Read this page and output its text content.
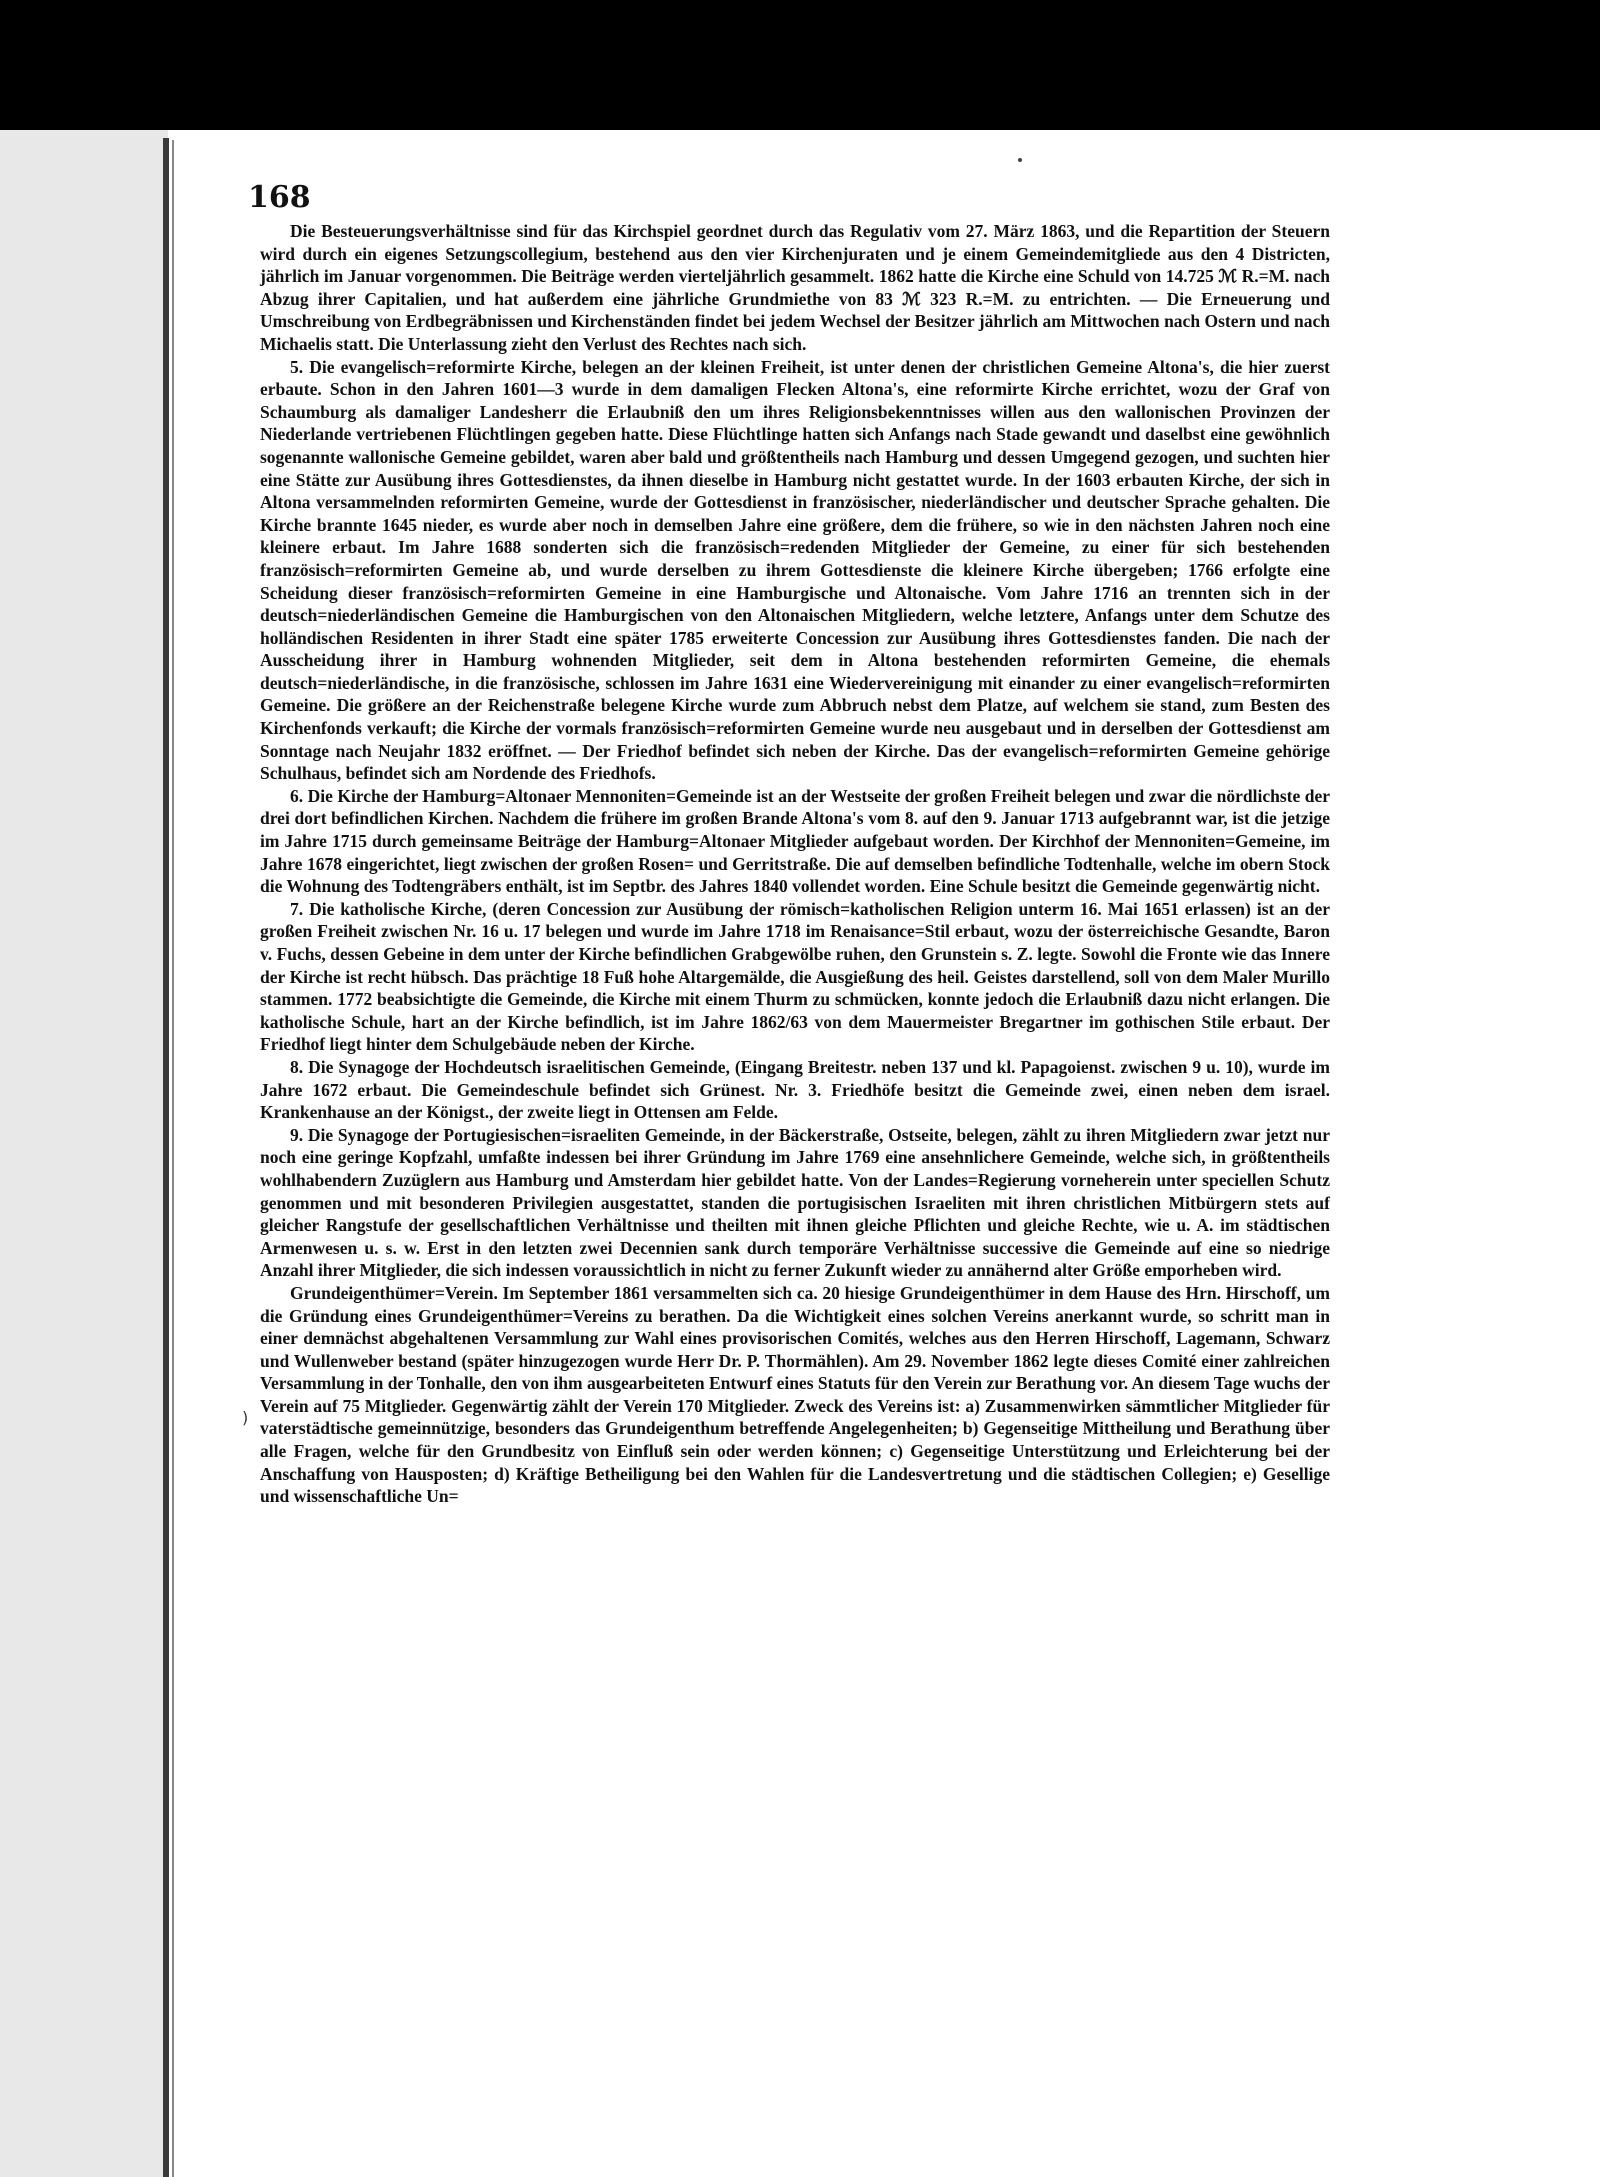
168
)

Die Besteuerungsverhältnisse sind für das Kirchspiel geordnet durch das Regulativ vom 27. März 1863, und die Repartition der Steuern wird durch ein eigenes Setzungscollegium, bestehend aus den vier Kirchenjuraten und je einem Gemeindemitgliede aus den 4 Districten, jährlich im Januar vorgenommen. Die Beiträge werden vierteljährlich gesammelt. 1862 hatte die Kirche eine Schuld von 14.725 ℳ R.=M. nach Abzug ihrer Capitalien, und hat außerdem eine jährliche Grundmiethe von 83 ℳ 323 R.=M. zu entrichten. — Die Erneuerung und Umschreibung von Erdbegräbnissen und Kirchenständen findet bei jedem Wechsel der Besitzer jährlich am Mittwochen nach Ostern und nach Michaelis statt. Die Unterlassung zieht den Verlust des Rechtes nach sich.

5. Die evangelisch=reformirte Kirche, belegen an der kleinen Freiheit, ist unter denen der christlichen Gemeine Altona's, die hier zuerst erbaute. Schon in den Jahren 1601—3 wurde in dem damaligen Flecken Altona's, eine reformirte Kirche errichtet, wozu der Graf von Schaumburg als damaliger Landesherr die Erlaubniß den um ihres Religionsbekenntnisses willen aus den wallonischen Provinzen der Niederlande vertriebenen Flüchtlingen gegeben hatte. Diese Flüchtlinge hatten sich Anfangs nach Stade gewandt und daselbst eine gewöhnlich sogenannte wallonische Gemeine gebildet, waren aber bald und größtentheils nach Hamburg und dessen Umgegend gezogen, und suchten hier eine Stätte zur Ausübung ihres Gottesdienstes, da ihnen dieselbe in Hamburg nicht gestattet wurde. In der 1603 erbauten Kirche, der sich in Altona versammelnden reformirten Gemeine, wurde der Gottesdienst in französischer, niederländischer und deutscher Sprache gehalten. Die Kirche brannte 1645 nieder, es wurde aber noch in demselben Jahre eine größere, dem die frühere, so wie in den nächsten Jahren noch eine kleinere erbaut. Im Jahre 1688 sonderten sich die französisch=redenden Mitglieder der Gemeine, zu einer für sich bestehenden französisch=reformirten Gemeine ab, und wurde derselben zu ihrem Gottesdienste die kleinere Kirche übergeben; 1766 erfolgte eine Scheidung dieser französisch=reformirten Gemeine in eine Hamburgische und Altonaische. Vom Jahre 1716 an trennten sich in der deutsch=niederländischen Gemeine die Hamburgischen von den Altonaischen Mitgliedern, welche letztere, Anfangs unter dem Schutze des holländischen Residenten in ihrer Stadt eine später 1785 erweiterte Concession zur Ausübung ihres Gottesdienstes fanden. Die nach der Ausscheidung ihrer in Hamburg wohnenden Mitglieder, seit dem in Altona bestehenden reformirten Gemeine, die ehemals deutsch=niederländische, in die französische, schlossen im Jahre 1631 eine Wiedervereinigung mit einander zu einer evangelisch=reformirten Gemeine. Die größere an der Reichenstraße belegene Kirche wurde zum Abbruch nebst dem Platze, auf welchem sie stand, zum Besten des Kirchenfonds verkauft; die Kirche der vormals französisch=reformirten Gemeine wurde neu ausgebaut und in derselben der Gottesdienst am Sonntage nach Neujahr 1832 eröffnet. — Der Friedhof befindet sich neben der Kirche. Das der evangelisch=reformirten Gemeine gehörige Schulhaus, befindet sich am Nordende des Friedhofs.

6. Die Kirche der Hamburg=Altonaer Mennoniten=Gemeinde ist an der Westseite der großen Freiheit belegen und zwar die nördlichste der drei dort befindlichen Kirchen. Nachdem die frühere im großen Brande Altona's vom 8. auf den 9. Januar 1713 aufgebrannt war, ist die jetzige im Jahre 1715 durch gemeinsame Beiträge der Hamburg=Altonaer Mitglieder aufgebaut worden. Der Kirchhof der Mennoniten=Gemeine, im Jahre 1678 eingerichtet, liegt zwischen der großen Rosen= und Gerritstraße. Die auf demselben befindliche Todtenhalle, welche im obern Stock die Wohnung des Todtengräbers enthält, ist im Septbr. des Jahres 1840 vollendet worden. Eine Schule besitzt die Gemeinde gegenwärtig nicht.

7. Die katholische Kirche, (deren Concession zur Ausübung der römisch=katholischen Religion unterm 16. Mai 1651 erlassen) ist an der großen Freiheit zwischen Nr. 16 u. 17 belegen und wurde im Jahre 1718 im Renaisance=Stil erbaut, wozu der österreichische Gesandte, Baron v. Fuchs, dessen Gebeine in dem unter der Kirche befindlichen Grabgewölbe ruhen, den Grunstein s. Z. legte. Sowohl die Fronte wie das Innere der Kirche ist recht hübsch. Das prächtige 18 Fuß hohe Altargemälde, die Ausgießung des heil. Geistes darstellend, soll von dem Maler Murillo stammen. 1772 beabsichtigte die Gemeinde, die Kirche mit einem Thurm zu schmücken, konnte jedoch die Erlaubniß dazu nicht erlangen. Die katholische Schule, hart an der Kirche befindlich, ist im Jahre 1862/63 von dem Mauermeister Bregartner im gothischen Stile erbaut. Der Friedhof liegt hinter dem Schulgebäude neben der Kirche.

8. Die Synagoge der Hochdeutsch israelitischen Gemeinde, (Eingang Breitestr. neben 137 und kl. Papagoienst. zwischen 9 u. 10), wurde im Jahre 1672 erbaut. Die Gemeindeschule befindet sich Grünest. Nr. 3. Friedhöfe besitzt die Gemeinde zwei, einen neben dem israel. Krankenhause an der Königst., der zweite liegt in Ottensen am Felde.

9. Die Synagoge der Portugiesischen=israeliten Gemeinde, in der Bäckerstraße, Ostseite, belegen, zählt zu ihren Mitgliedern zwar jetzt nur noch eine geringe Kopfzahl, umfaßte indessen bei ihrer Gründung im Jahre 1769 eine ansehnlichere Gemeinde, welche sich, in größtentheils wohlhabendern Zuzüglern aus Hamburg und Amsterdam hier gebildet hatte. Von der Landes=Regierung vorneherein unter speciellen Schutz genommen und mit besonderen Privilegien ausgestattet, standen die portugisischen Israeliten mit ihren christlichen Mitbürgern stets auf gleicher Rangstufe der gesellschaftlichen Verhältnisse und theilten mit ihnen gleiche Pflichten und gleiche Rechte, wie u. A. im städtischen Armenwesen u. s. w. Erst in den letzten zwei Decennien sank durch temporäre Verhältnisse successive die Gemeinde auf eine so niedrige Anzahl ihrer Mitglieder, die sich indessen voraussichtlich in nicht zu ferner Zukunft wieder zu annähernd alter Größe emporheben wird.

Grundeigenthümer=Verein. Im September 1861 versammelten sich ca. 20 hiesige Grundeigenthümer in dem Hause des Hrn. Hirschoff, um die Gründung eines Grundeigenthümer=Vereins zu berathen. Da die Wichtigkeit eines solchen Vereins anerkannt wurde, so schritt man in einer demnächst abgehaltenen Versammlung zur Wahl eines provisorischen Comités, welches aus den Herren Hirschoff, Lagemann, Schwarz und Wullenweber bestand (später hinzugezogen wurde Herr Dr. P. Thormählen). Am 29. November 1862 legte dieses Comité einer zahlreichen Versammlung in der Tonhalle, den von ihm ausgearbeiteten Entwurf eines Statuts für den Verein zur Berathung vor. An diesem Tage wuchs der Verein auf 75 Mitglieder. Gegenwärtig zählt der Verein 170 Mitglieder. Zweck des Vereins ist: a) Zusammenwirken sämmtlicher Mitglieder für vaterstädtische gemeinnützige, besonders das Grundeigenthum betreffende Angelegenheiten; b) Gegenseitige Mittheilung und Berathung über alle Fragen, welche für den Grundbesitz von Einfluß sein oder werden können; c) Gegenseitige Unterstützung und Erleichterung bei der Anschaffung von Hausposten; d) Kräftige Betheiligung bei den Wahlen für die Landesvertretung und die städtischen Collegien; e) Gesellige und wissenschaftliche Un=
